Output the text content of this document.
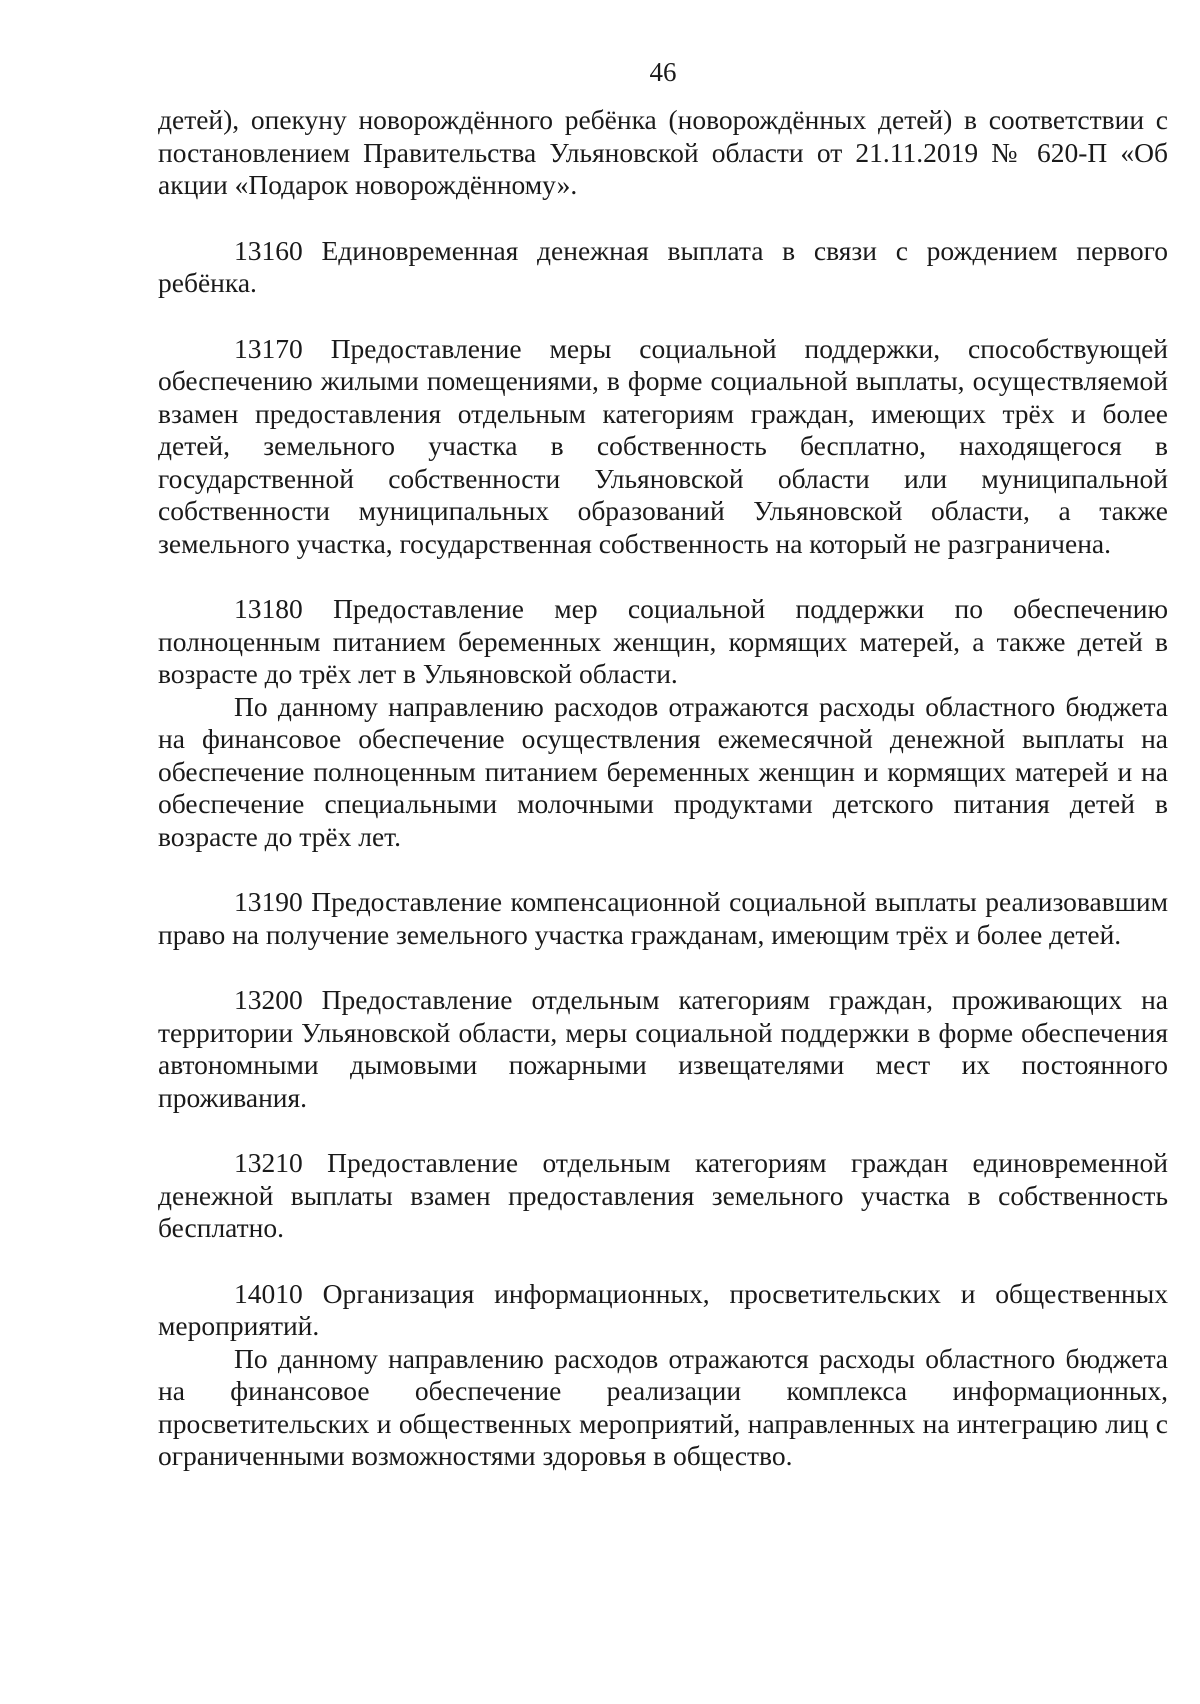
46

детей), опекуну новорождённого ребёнка (новорождённых детей) в соответствии с постановлением Правительства Ульяновской области от 21.11.2019 № 620-П «Об акции «Подарок новорождённому».

13160 Единовременная денежная выплата в связи с рождением первого ребёнка.

13170 Предоставление меры социальной поддержки, способствующей обеспечению жилыми помещениями, в форме социальной выплаты, осуществляемой взамен предоставления отдельным категориям граждан, имеющих трёх и более детей, земельного участка в собственность бесплатно, находящегося в государственной собственности Ульяновской области или муниципальной собственности муниципальных образований Ульяновской области, а также земельного участка, государственная собственность на который не разграничена.

13180 Предоставление мер социальной поддержки по обеспечению полноценным питанием беременных женщин, кормящих матерей, а также детей в возрасте до трёх лет в Ульяновской области.

По данному направлению расходов отражаются расходы областного бюджета на финансовое обеспечение осуществления ежемесячной денежной выплаты на обеспечение полноценным питанием беременных женщин и кормящих матерей и на обеспечение специальными молочными продуктами детского питания детей в возрасте до трёх лет.

13190 Предоставление компенсационной социальной выплаты реализовавшим право на получение земельного участка гражданам, имеющим трёх и более детей.

13200 Предоставление отдельным категориям граждан, проживающих на территории Ульяновской области, меры социальной поддержки в форме обеспечения автономными дымовыми пожарными извещателями мест их постоянного проживания.

13210 Предоставление отдельным категориям граждан единовременной денежной выплаты взамен предоставления земельного участка в собственность бесплатно.

14010 Организация информационных, просветительских и общественных мероприятий.

По данному направлению расходов отражаются расходы областного бюджета на финансовое обеспечение реализации комплекса информационных, просветительских и общественных мероприятий, направленных на интеграцию лиц с ограниченными возможностями здоровья в общество.
